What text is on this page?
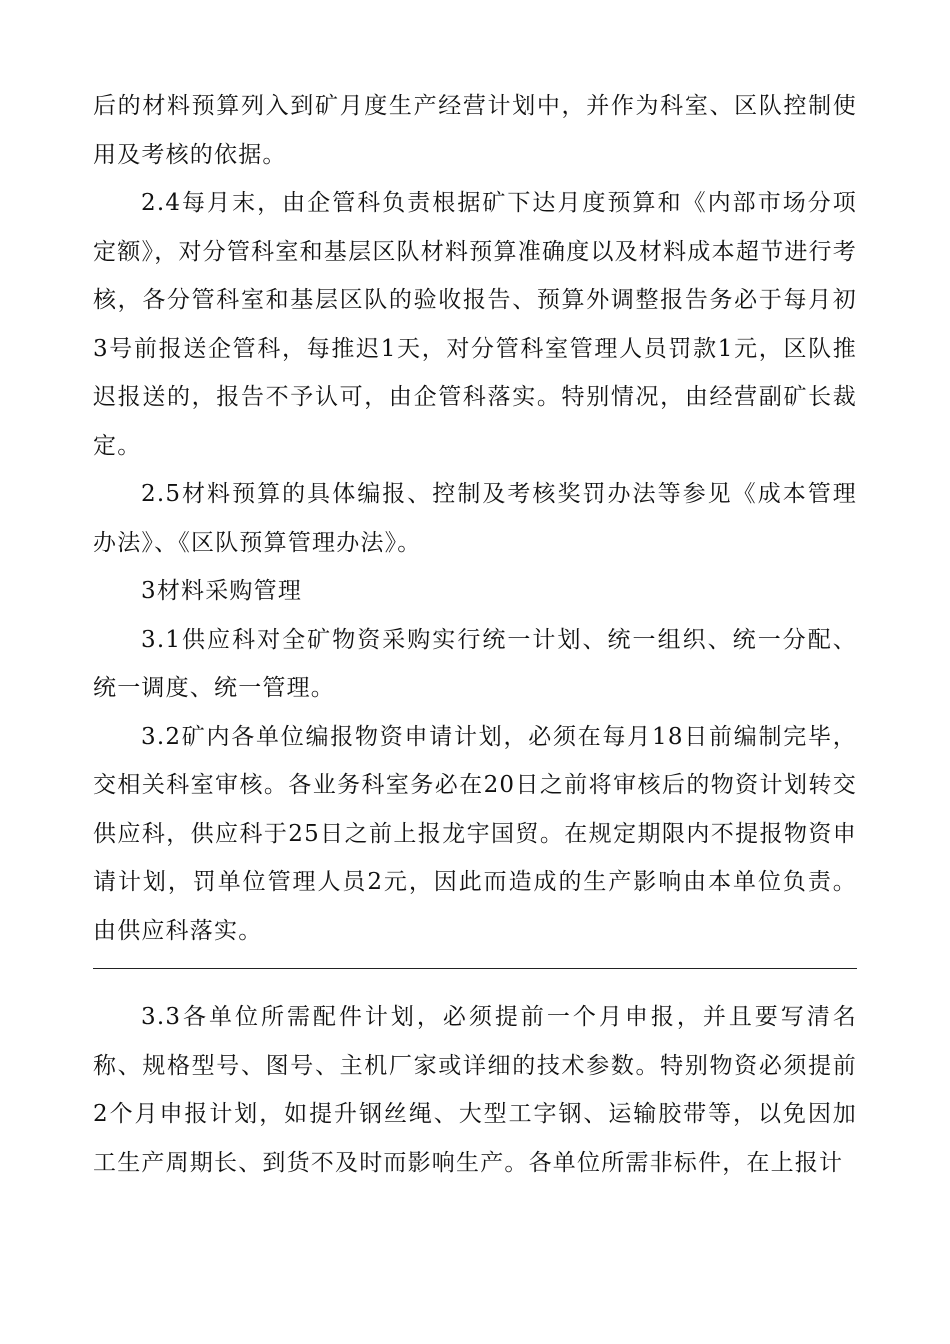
后的材料预算列入到矿月度生产经营计划中，并作为科室、区队控制使用及考核的依据。

2.4每月末，由企管科负责根据矿下达月度预算和《内部市场分项定额》，对分管科室和基层区队材料预算准确度以及材料成本超节进行考核，各分管科室和基层区队的验收报告、预算外调整报告务必于每月初3号前报送企管科，每推迟1天，对分管科室管理人员罚款1元，区队推迟报送的，报告不予认可，由企管科落实。特别情况，由经营副矿长裁定。

2.5材料预算的具体编报、控制及考核奖罚办法等参见《成本管理办法》、《区队预算管理办法》。

3材料采购管理

3.1供应科对全矿物资采购实行统一计划、统一组织、统一分配、统一调度、统一管理。

3.2矿内各单位编报物资申请计划，必须在每月18日前编制完毕，交相关科室审核。各业务科室务必在20日之前将审核后的物资计划转交供应科，供应科于25日之前上报龙宇国贸。在规定期限内不提报物资申请计划，罚单位管理人员2元，因此而造成的生产影响由本单位负责。由供应科落实。

3.3各单位所需配件计划，必须提前一个月申报，并且要写清名称、规格型号、图号、主机厂家或详细的技术参数。特别物资必须提前2个月申报计划，如提升钢丝绳、大型工字钢、运输胶带等，以免因加工生产周期长、到货不及时而影响生产。各单位所需非标件，在上报计
